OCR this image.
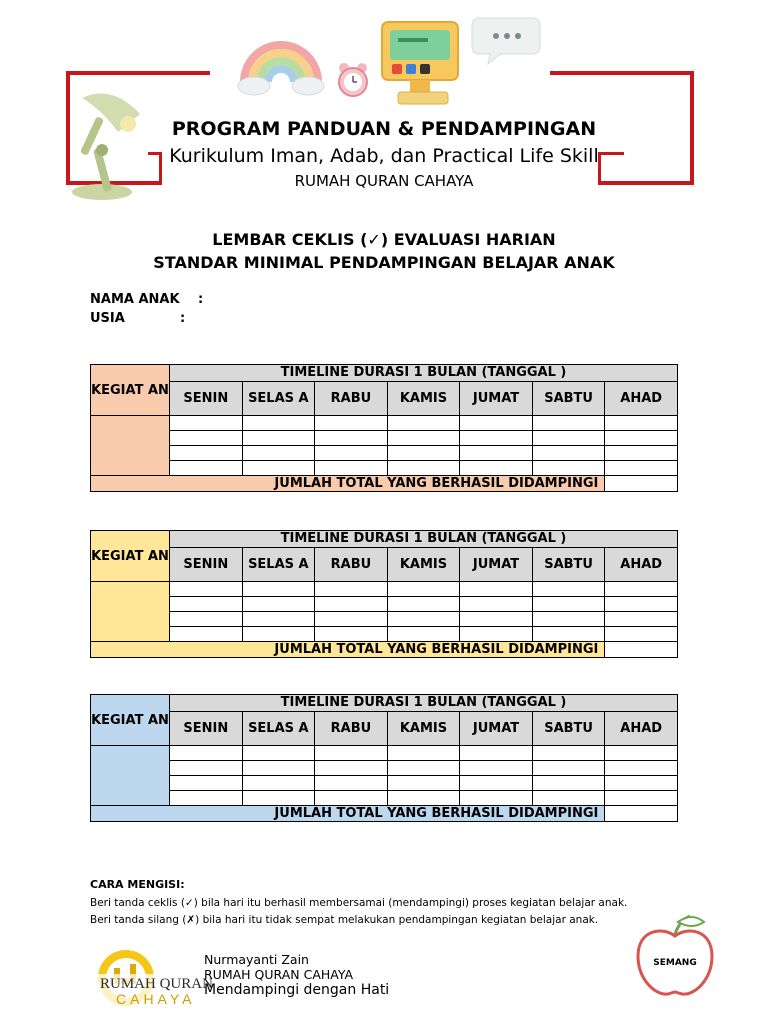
PROGRAM PANDUAN & PENDAMPINGAN
Kurikulum Iman, Adab, dan Practical Life Skill
RUMAH QURAN CAHAYA
LEMBAR CEKLIS (✓) EVALUASI HARIAN
STANDAR MINIMAL PENDAMPINGAN BELAJAR ANAK
NAMA ANAK :
USIA	:
KEGIAT AN	TIMELINE DURASI 1 BULAN (TANGGAL )						
	SENIN	SELAS A	RABU	KAMIS	JUMAT	SABTU	AHAD

JUMLAH TOTAL YANG BERHASIL DIDAMPINGI							
KEGIAT AN	TIMELINE DURASI 1 BULAN (TANGGAL )						
	SENIN	SELAS A	RABU	KAMIS	JUMAT	SABTU	AHAD

JUMLAH TOTAL YANG BERHASIL DIDAMPINGI							
KEGIAT AN	TIMELINE DURASI 1 BULAN (TANGGAL )						
	SENIN	SELAS A	RABU	KAMIS	JUMAT	SABTU	AHAD

JUMLAH TOTAL YANG BERHASIL DIDAMPINGI							
CARA MENGISI:
Beri tanda ceklis (✓) bila hari itu berhasil membersamai (mendampingi) proses kegiatan belajar anak.
Beri tanda silang (✗) bila hari itu tidak sempat melakukan pendampingan kegiatan belajar anak.
RUMAH QURAN
CAHAYA
Nurmayanti Zain
RUMAH QURAN CAHAYA
Mendampingi dengan Hati
SEMANG
